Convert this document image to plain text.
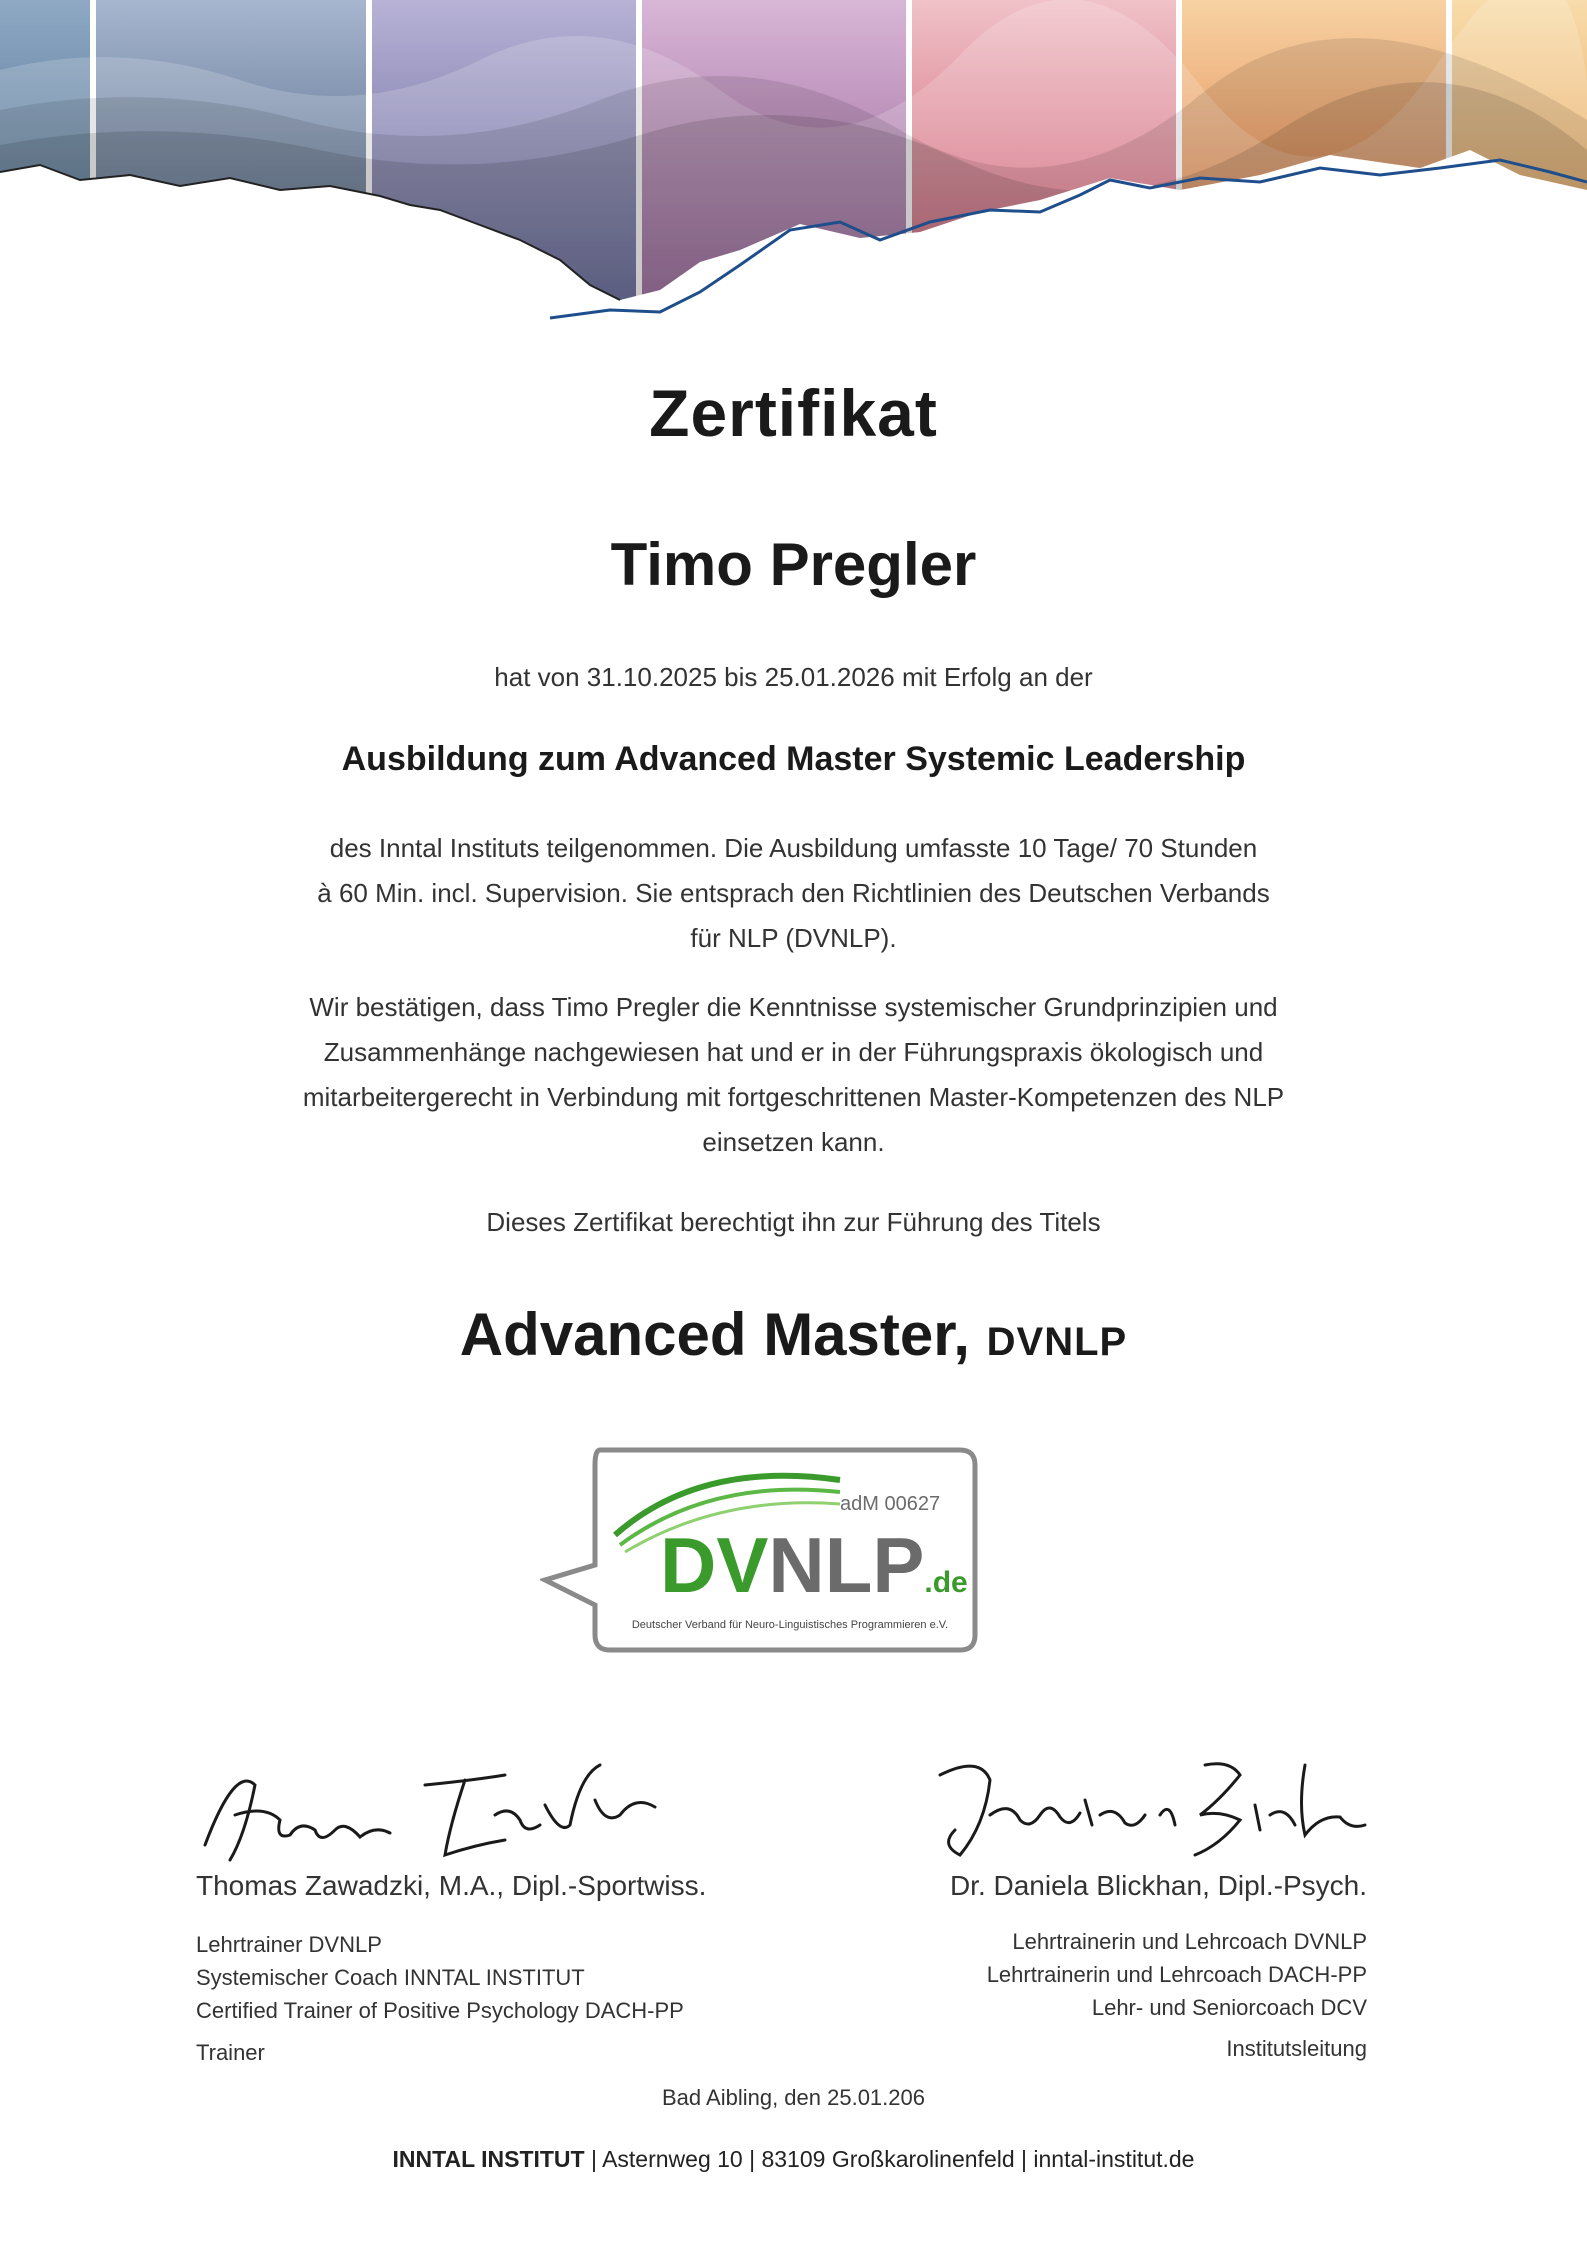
Zertifikat
Timo Pregler
hat von 31.10.2025 bis 25.01.2026 mit Erfolg an der
Ausbildung zum Advanced Master Systemic Leadership
des Inntal Instituts teilgenommen. Die Ausbildung umfasste 10 Tage/ 70 Stunden
à 60 Min. incl. Supervision. Sie entsprach den Richtlinien des Deutschen Verbands
für NLP (DVNLP).
Wir bestätigen, dass Timo Pregler die Kenntnisse systemischer Grundprinzipien und
Zusammenhänge nachgewiesen hat und er in der Führungspraxis ökologisch und
mitarbeitergerecht in Verbindung mit fortgeschrittenen Master-Kompetenzen des NLP
einsetzen kann.
Dieses Zertifikat berechtigt ihn zur Führung des Titels
Advanced Master, DVNLP
adM 00627
DVNLP.de
Deutscher Verband für Neuro-Linguistisches Programmieren e.V.
Thomas Zawadzki, M.A., Dipl.-Sportwiss.	Dr. Daniela Blickhan, Dipl.-Psych.
Lehrtrainer DVNLP
Systemischer Coach INNTAL INSTITUT
Certified Trainer of Positive Psychology DACH-PP
Lehrtrainerin und Lehrcoach DVNLP
Lehrtrainerin und Lehrcoach DACH-PP
Lehr- und Seniorcoach DCV
Trainer	Institutsleitung
Bad Aibling, den 25.01.206
INNTAL INSTITUT | Asternweg 10 | 83109 Großkarolinenfeld | inntal-institut.de
